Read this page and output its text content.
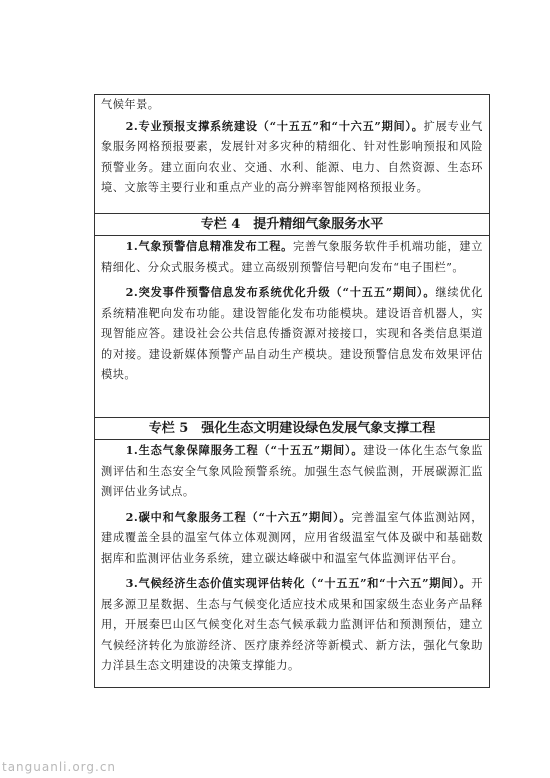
气候年景。

2.专业预报支撑系统建设（“十五五”和“十六五”期间）。扩展专业气象服务网格预报要素，发展针对多灾种的精细化、针对性影响预报和风险预警业务。建立面向农业、交通、水利、能源、电力、自然资源、生态环境、文旅等主要行业和重点产业的高分辨率智能网格预报业务。

专栏 4　提升精细气象服务水平

1.气象预警信息精准发布工程。完善气象服务软件手机端功能，建立精细化、分众式服务模式。建立高级别预警信号靶向发布“电子围栏”。

2.突发事件预警信息发布系统优化升级（“十五五”期间）。继续优化系统精准靶向发布功能。建设智能化发布功能模块。建设语音机器人，实现智能应答。建设社会公共信息传播资源对接接口，实现和各类信息渠道的对接。建设新媒体预警产品自动生产模块。建设预警信息发布效果评估模块。

专栏 5　强化生态文明建设绿色发展气象支撑工程

1.生态气象保障服务工程（“十五五”期间）。建设一体化生态气象监测评估和生态安全气象风险预警系统。加强生态气候监测，开展碳源汇监测评估业务试点。

2.碳中和气象服务工程（“十六五”期间）。完善温室气体监测站网，建成覆盖全县的温室气体立体观测网，应用省级温室气体及碳中和基础数据库和监测评估业务系统，建立碳达峰碳中和温室气体监测评估平台。

3.气候经济生态价值实现评估转化（“十五五”和“十六五”期间）。开展多源卫星数据、生态与气候变化适应技术成果和国家级生态业务产品释用，开展秦巴山区气候变化对生态气候承载力监测评估和预测预估，建立气候经济转化为旅游经济、医疗康养经济等新模式、新方法，强化气象助力洋县生态文明建设的决策支撑能力。

tanguanli.org.cn
